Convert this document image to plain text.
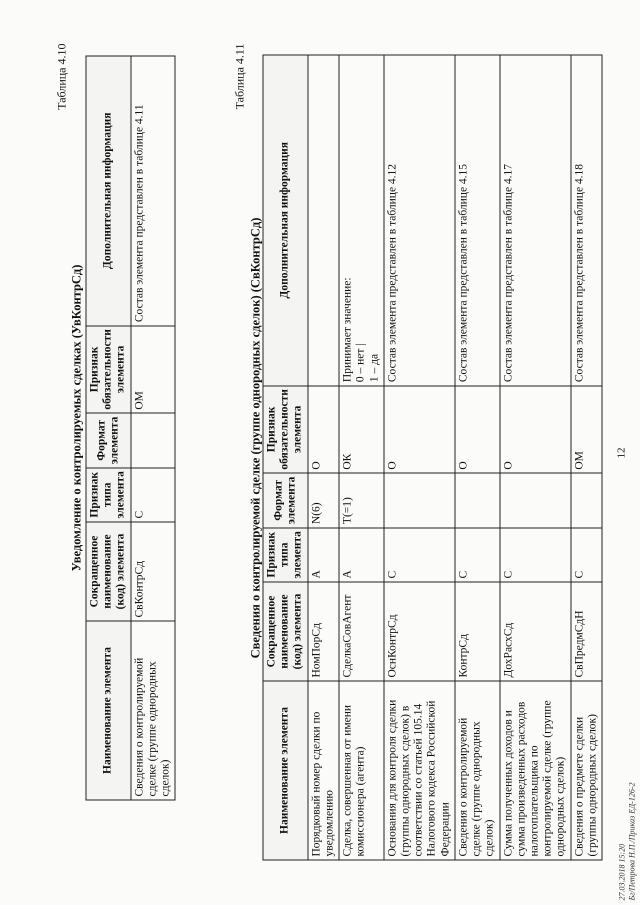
Таблица 4.10
Уведомление о контролируемых сделках (УвКонтрСд)
Наименование элемента	Сокращенное наименование (код) элемента	Признак типа элемента	Формат элемента	Признак обязательности элемента	Дополнительная информация
Сведения о контролируемой сделке (группе однородных сделок)	СвКонтрСд	С		ОМ	Состав элемента представлен в таблице 4.11
Таблица 4.11
Сведения о контролируемой сделке (группе однородных сделок) (СвКонтрСд)
Наименование элемента	Сокращенное наименование (код) элемента	Признак типа элемента	Формат элемента	Признак обязательности элемента	Дополнительная информация
Порядковый номер сделки по уведомлению	НомПорСд	А	N(6)	О	
Сделка, совершенная от имени комиссионера (агента)	СделкаСовАгент	А	T(=1)	ОК	Принимает значение:
0 – нет |
1 – да
Основания для контроля сделки (группы однородных сделок) в соответствии со статьей 105.14 Налогового кодекса Российской Федерации	ОснКонтрСд	С		О	Состав элемента представлен в таблице 4.12
Сведения о контролируемой сделке (группе однородных сделок)	КонтрСд	С		О	Состав элемента представлен в таблице 4.15
Сумма полученных доходов и сумма произведенных расходов налогоплательщика по контролируемой сделке (группе однородных сделок)	ДохРасхСд	С		О	Состав элемента представлен в таблице 4.17
Сведения о предмете сделки (группы однородных сделок)	СвПредмСдН	С		ОМ	Состав элемента представлен в таблице 4.18
12
27.03.2018 15:20 Бг/Петрова Н.П./Приказ ЕД-126-2
